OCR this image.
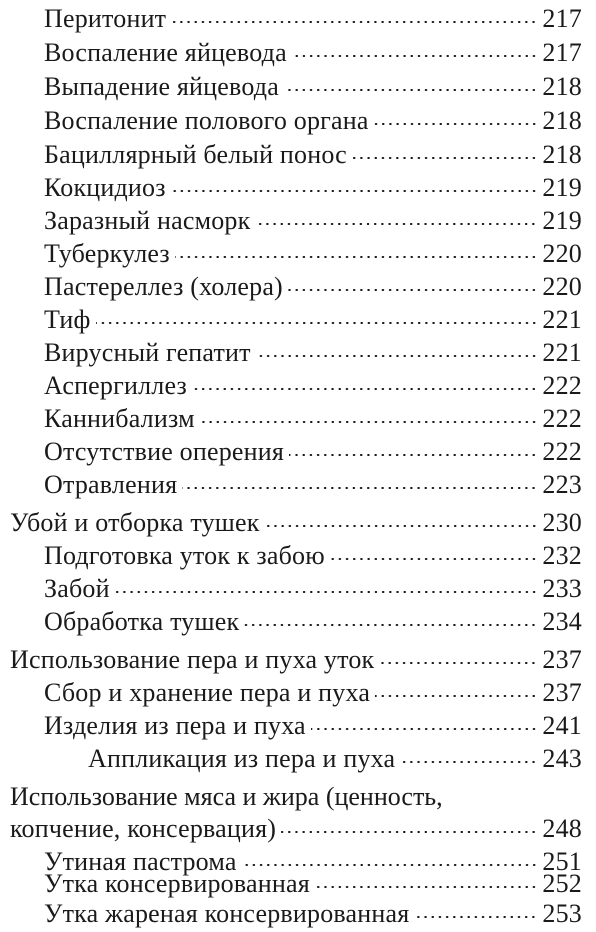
Перитонит	217
Воспаление яйцевода	217
Выпадение яйцевода	218
Воспаление полового органа	218
Бациллярный белый понос	218
Кокцидиоз	219
Заразный насморк	219
Туберкулез	220
Пастереллез (холера)	220
Тиф	221
Вирусный гепатит	221
Аспергиллез	222
Каннибализм	222
Отсутствие оперения	222
Отравления	223
Убой и отборка тушек	230
Подготовка уток к забою	232
Забой	233
Обработка тушек	234
Использование пера и пуха уток	237
Сбор и хранение пера и пуха	237
Изделия из пера и пуха	241
Аппликация из пера и пуха	243
Использование мяса и жира (ценность,
копчение, консервация)	248
Утиная пастрома	251
Утка консервированная	252
Утка жареная консервированная	253
